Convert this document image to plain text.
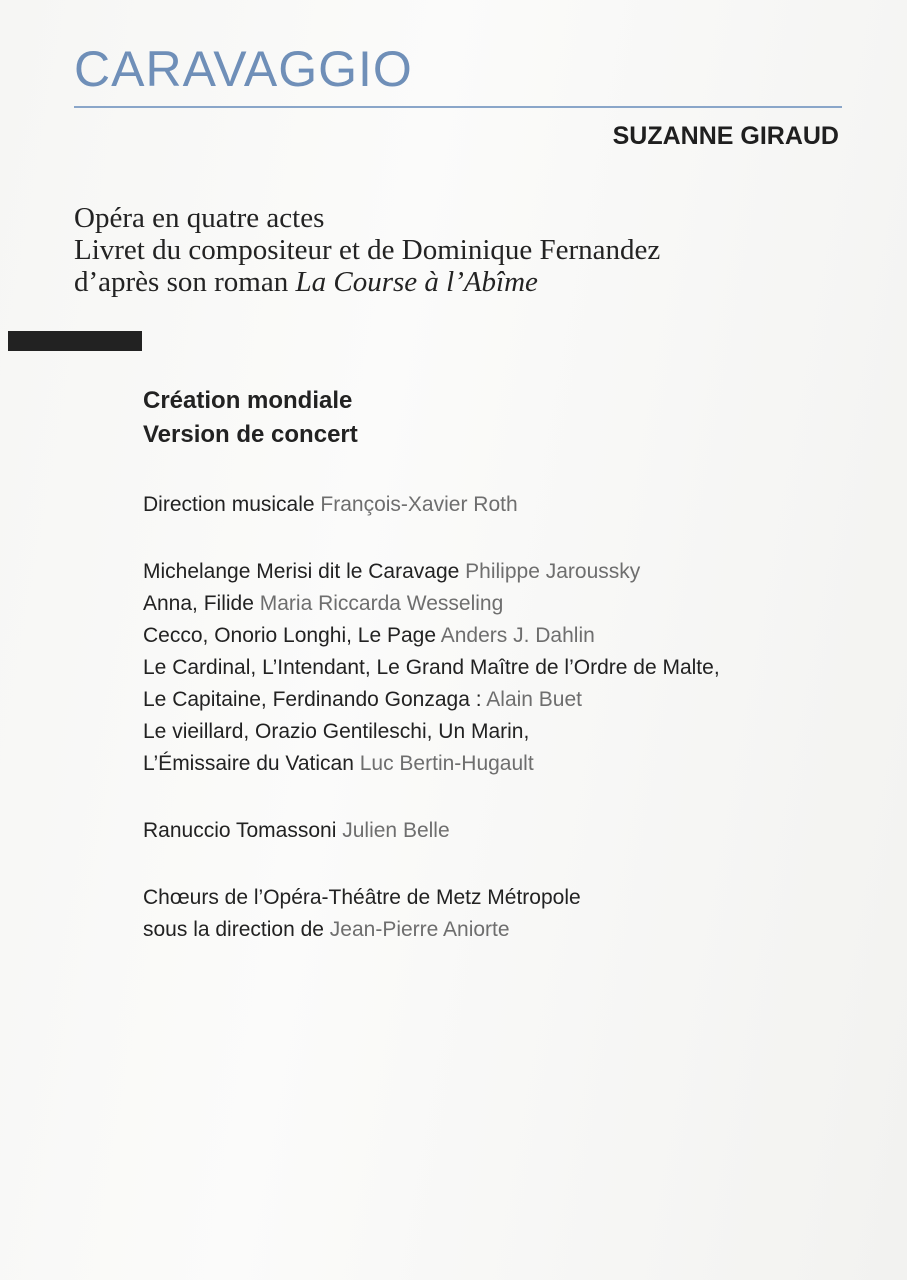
CARAVAGGIO
SUZANNE GIRAUD
Opéra en quatre actes
Livret du compositeur et de Dominique Fernandez
d’après son roman La Course à l’Abîme
Création mondiale
Version de concert
Direction musicale François-Xavier Roth
Michelange Merisi dit le Caravage Philippe Jaroussky
Anna, Filide Maria Riccarda Wesseling
Cecco, Onorio Longhi, Le Page Anders J. Dahlin
Le Cardinal, L’Intendant, Le Grand Maître de l’Ordre de Malte,
Le Capitaine, Ferdinando Gonzaga : Alain Buet
Le vieillard, Orazio Gentileschi, Un Marin,
L’Émissaire du Vatican Luc Bertin-Hugault
Ranuccio Tomassoni Julien Belle
Chœurs de l’Opéra-Théâtre de Metz Métropole
sous la direction de Jean-Pierre Aniorte
